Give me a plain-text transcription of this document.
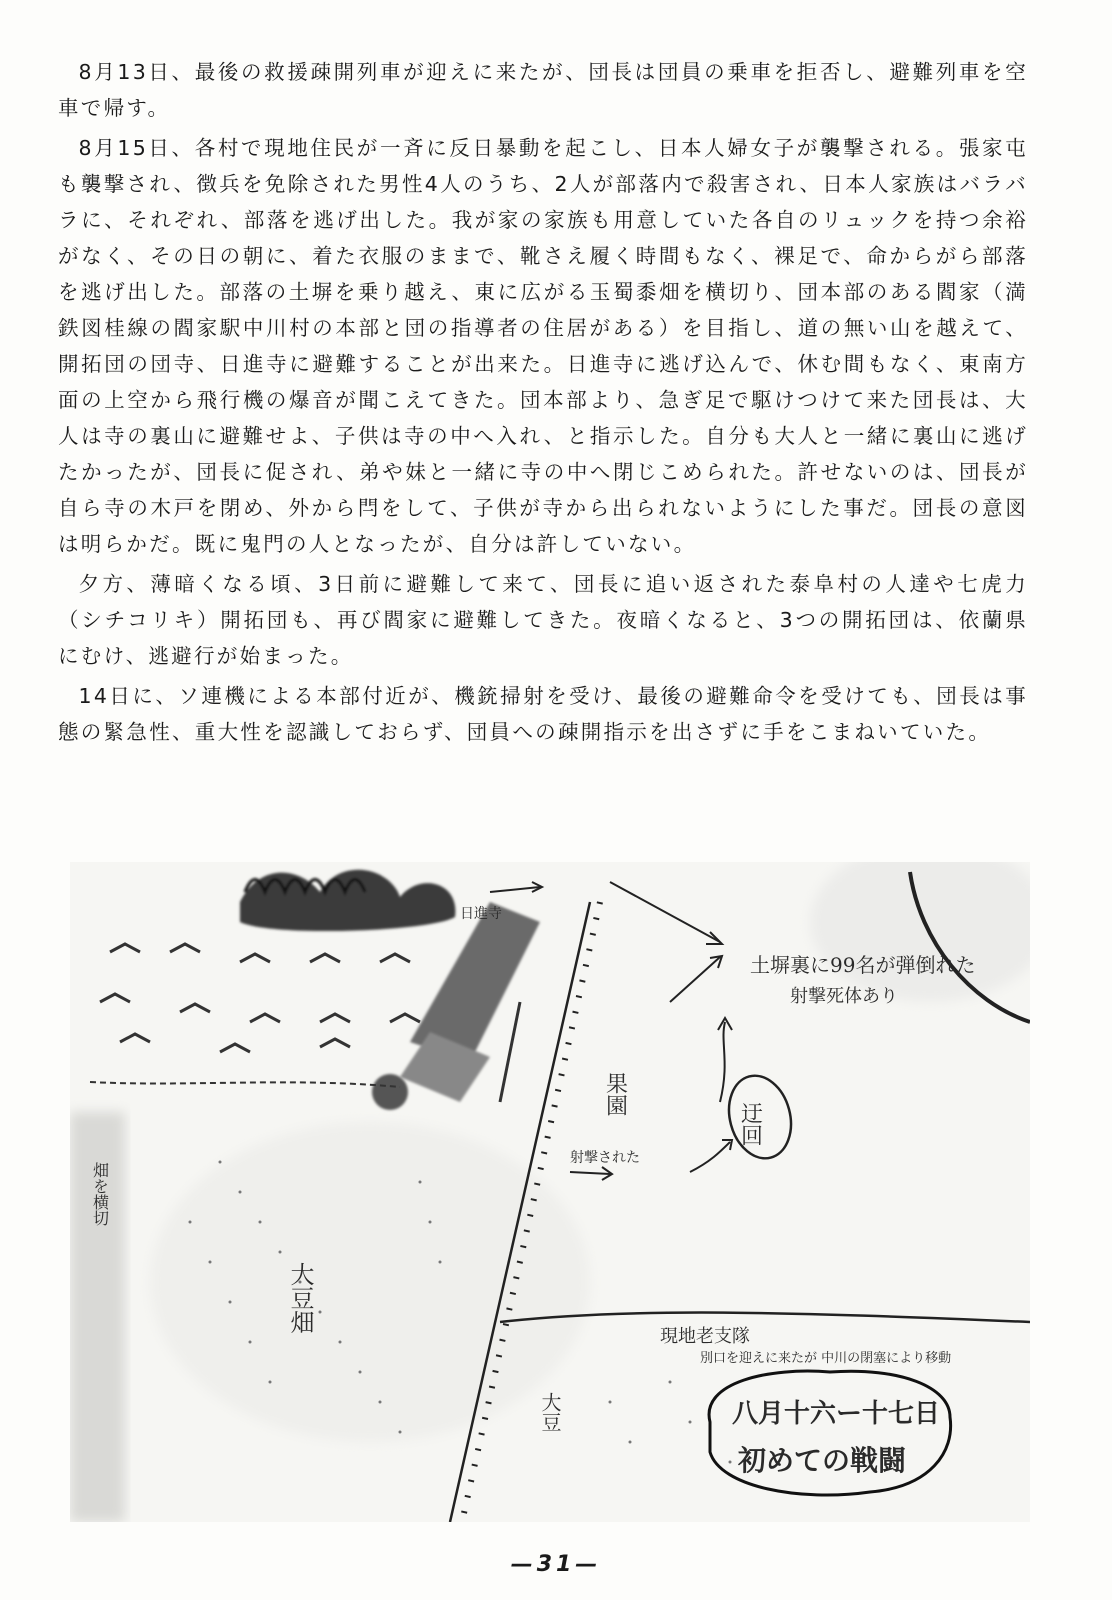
8月13日、最後の救援疎開列車が迎えに来たが、団長は団員の乗車を拒否し、避難列車を空車で帰す。

8月15日、各村で現地住民が一斉に反日暴動を起こし、日本人婦女子が襲撃される。張家屯も襲撃され、徴兵を免除された男性4人のうち、2人が部落内で殺害され、日本人家族はバラバラに、それぞれ、部落を逃げ出した。我が家の家族も用意していた各自のリュックを持つ余裕がなく、その日の朝に、着た衣服のままで、靴さえ履く時間もなく、裸足で、命からがら部落を逃げ出した。部落の土塀を乗り越え、東に広がる玉蜀黍畑を横切り、団本部のある閻家（満鉄図桂線の閻家駅中川村の本部と団の指導者の住居がある）を目指し、道の無い山を越えて、開拓団の団寺、日進寺に避難することが出来た。日進寺に逃げ込んで、休む間もなく、東南方面の上空から飛行機の爆音が聞こえてきた。団本部より、急ぎ足で駆けつけて来た団長は、大人は寺の裏山に避難せよ、子供は寺の中へ入れ、と指示した。自分も大人と一緒に裏山に逃げたかったが、団長に促され、弟や妹と一緒に寺の中へ閉じこめられた。許せないのは、団長が自ら寺の木戸を閉め、外から閂をして、子供が寺から出られないようにした事だ。団長の意図は明らかだ。既に鬼門の人となったが、自分は許していない。

夕方、薄暗くなる頃、3日前に避難して来て、団長に追い返された泰阜村の人達や七虎力（シチコリキ）開拓団も、再び閻家に避難してきた。夜暗くなると、3つの開拓団は、依蘭県にむけ、逃避行が始まった。

14日に、ソ連機による本部付近が、機銃掃射を受け、最後の避難命令を受けても、団長は事態の緊急性、重大性を認識しておらず、団員への疎開指示を出さずに手をこまねいていた。

迂回
土塀裏に99名が弾倒れた
射撃死体あり
果園
射撃された
大豆畑
大豆
畑を横切
日進寺
現地老支隊
別口を迎えに来たが 中川の閉塞により移動
八月十六ー十七日
初めての戦闘
—31—
